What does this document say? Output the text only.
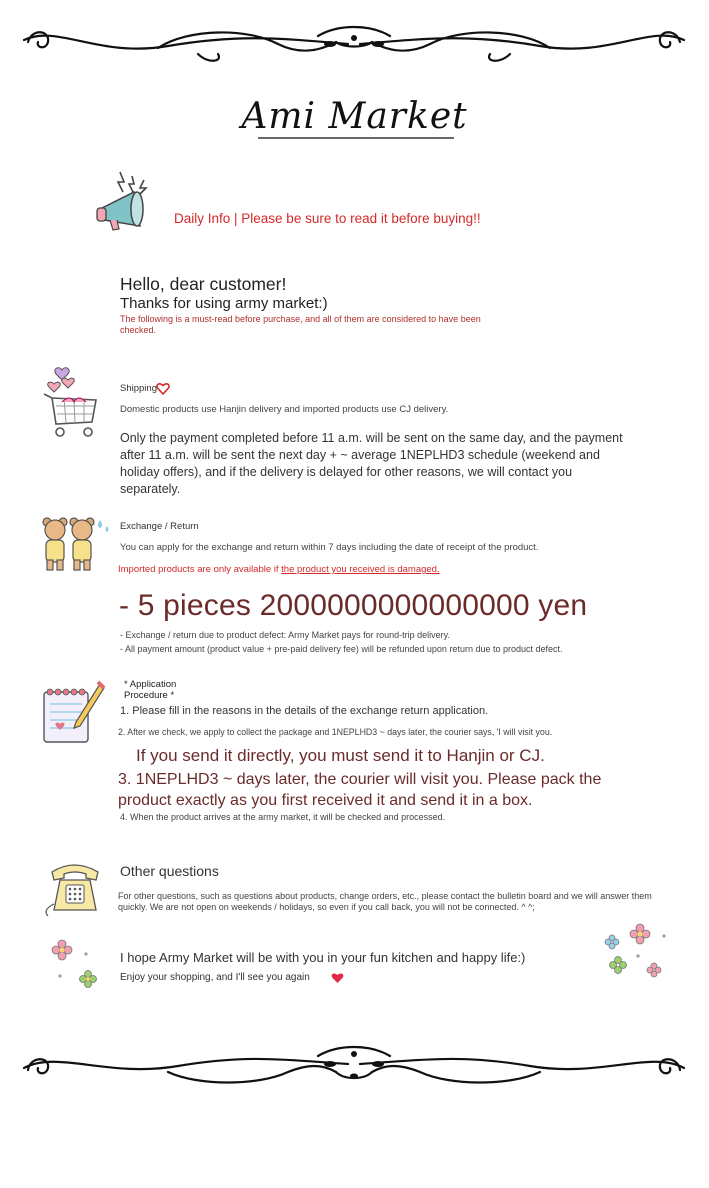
Ami Market
Daily Info | Please be sure to read it before buying!!
Hello, dear customer!
Thanks for using army market:)
The following is a must-read before purchase, and all of them are considered to have been checked.
Shipping
Domestic products use Hanjin delivery and imported products use CJ delivery.
Only the payment completed before 11 a.m. will be sent on the same day, and the payment after 11 a.m. will be sent the next day + ~ average 1NEPLHD3 schedule (weekend and holiday offers), and if the delivery is delayed for other reasons, we will contact you separately.
Exchange / Return
You can apply for the exchange and return within 7 days including the date of receipt of the product.
Imported products are only available if the product you received is damaged.
- 5 pieces 2000000000000000 yen
- Exchange / return due to product defect: Army Market pays for round-trip delivery.
- All payment amount (product value + pre-paid delivery fee) will be refunded upon return due to product defect.
* Application
Procedure *
1. Please fill in the reasons in the details of the exchange return application.
2. After we check, we apply to collect the package and 1NEPLHD3 ~ days later, the courier says, 'I will visit you.
If you send it directly, you must send it to Hanjin or CJ.
3. 1NEPLHD3 ~ days later, the courier will visit you. Please pack the product exactly as you first received it and send it in a box.
4. When the product arrives at the army market, it will be checked and processed.
Other questions
For other questions, such as questions about products, change orders, etc., please contact the bulletin board and we will answer them quickly. We are not open on weekends / holidays, so even if you call back, you will not be connected. ^ ^;
I hope Army Market will be with you in your fun kitchen and happy life:)
Enjoy your shopping, and I'll see you again
